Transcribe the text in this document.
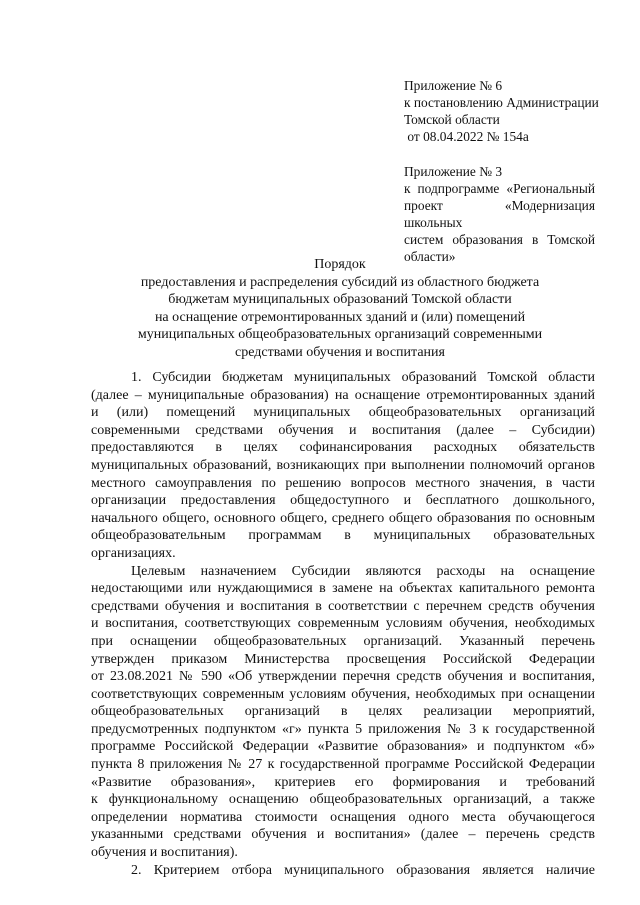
Приложение № 6
к постановлению Администрации
Томской области
от 08.04.2022 № 154а
Приложение № 3
к подпрограмме «Региональный
проект «Модернизация школьных
систем образования в Томской
области»
Порядок
предоставления и распределения субсидий из областного бюджета
бюджетам муниципальных образований Томской области
на оснащение отремонтированных зданий и (или) помещений
муниципальных общеобразовательных организаций современными
средствами обучения и воспитания
1. Субсидии бюджетам муниципальных образований Томской области
(далее – муниципальные образования) на оснащение отремонтированных зданий
и (или) помещений муниципальных общеобразовательных организаций
современными средствами обучения и воспитания (далее – Субсидии)
предоставляются в целях софинансирования расходных обязательств
муниципальных образований, возникающих при выполнении полномочий органов
местного самоуправления по решению вопросов местного значения, в части
организации предоставления общедоступного и бесплатного дошкольного,
начального общего, основного общего, среднего общего образования по основным
общеобразовательным программам в муниципальных образовательных
организациях.
Целевым назначением Субсидии являются расходы на оснащение
недостающими или нуждающимися в замене на объектах капитального ремонта
средствами обучения и воспитания в соответствии с перечнем средств обучения
и воспитания, соответствующих современным условиям обучения, необходимых
при оснащении общеобразовательных организаций. Указанный перечень
утвержден приказом Министерства просвещения Российской Федерации
от 23.08.2021 № 590 «Об утверждении перечня средств обучения и воспитания,
соответствующих современным условиям обучения, необходимых при оснащении
общеобразовательных организаций в целях реализации мероприятий,
предусмотренных подпунктом «г» пункта 5 приложения № 3 к государственной
программе Российской Федерации «Развитие образования» и подпунктом «б»
пункта 8 приложения № 27 к государственной программе Российской Федерации
«Развитие образования», критериев его формирования и требований
к функциональному оснащению общеобразовательных организаций, а также
определении норматива стоимости оснащения одного места обучающегося
указанными средствами обучения и воспитания» (далее – перечень средств
обучения и воспитания).
2. Критерием отбора муниципального образования является наличие
